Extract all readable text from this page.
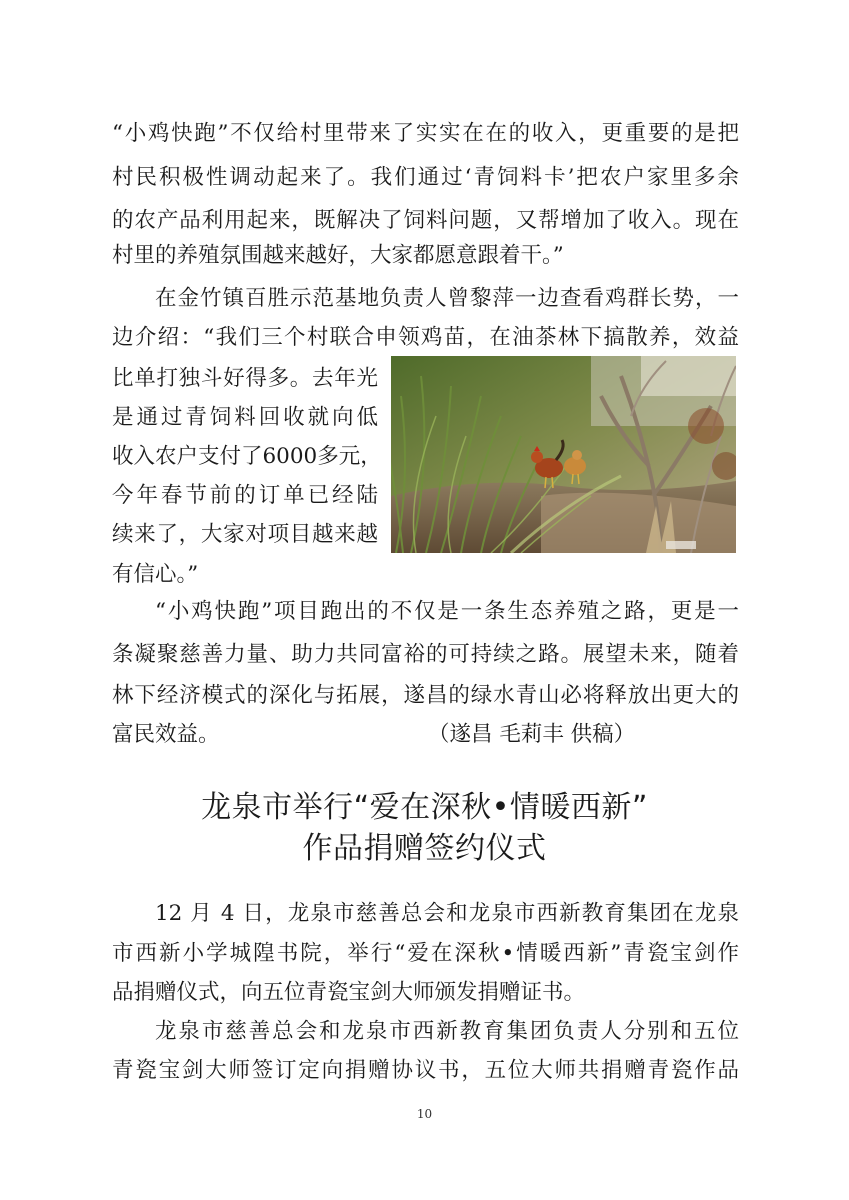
“小鸡快跑”不仅给村里带来了实实在在的收入，更重要的是把
村民积极性调动起来了。我们通过‘青饲料卡’把农户家里多余
的农产品利用起来，既解决了饲料问题，又帮增加了收入。现在
村里的养殖氛围越来越好，大家都愿意跟着干。”
在金竹镇百胜示范基地负责人曾黎萍一边查看鸡群长势，一
边介绍：“我们三个村联合申领鸡苗，在油茶林下搞散养，效益
比单打独斗好得多。去年光
是通过青饲料回收就向低
收入农户支付了6000多元，
今年春节前的订单已经陆
续来了，大家对项目越来越
有信心。”
“小鸡快跑”项目跑出的不仅是一条生态养殖之路，更是一
条凝聚慈善力量、助力共同富裕的可持续之路。展望未来，随着
林下经济模式的深化与拓展，遂昌的绿水青山必将释放出更大的
富民效益。	（遂昌 毛莉丰 供稿）
龙泉市举行“爱在深秋•情暖西新”
作品捐赠签约仪式
12 月 4 日，龙泉市慈善总会和龙泉市西新教育集团在龙泉
市西新小学城隍书院，举行“爱在深秋•情暖西新”青瓷宝剑作
品捐赠仪式，向五位青瓷宝剑大师颁发捐赠证书。
龙泉市慈善总会和龙泉市西新教育集团负责人分别和五位
青瓷宝剑大师签订定向捐赠协议书，五位大师共捐赠青瓷作品
10
